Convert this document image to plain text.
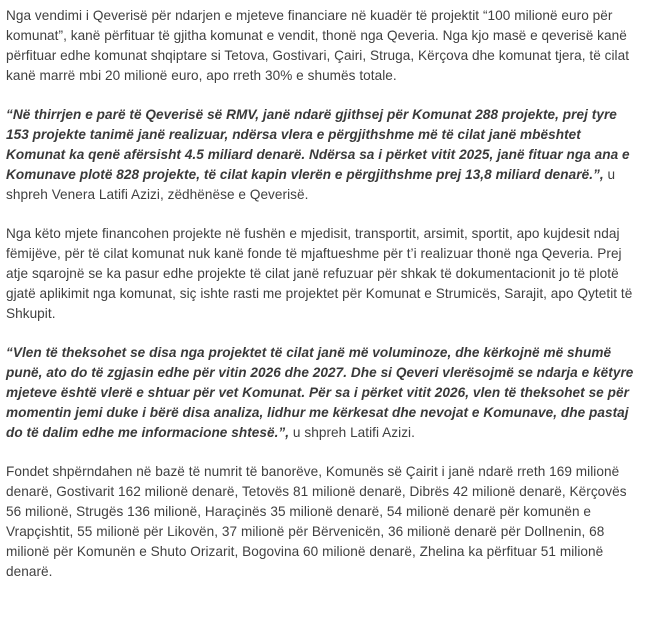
Nga vendimi i Qeverisë për ndarjen e mjeteve financiare në kuadër të projektit “100 milionë euro për komunat”, kanë përfituar të gjitha komunat e vendit, thonë nga Qeveria. Nga kjo masë e qeverisë kanë përfituar edhe komunat shqiptare si Tetova, Gostivari, Çairi, Struga, Kërçova dhe komunat tjera, të cilat kanë marrë mbi 20 milionë euro, apo rreth 30% e shumës totale.

“Në thirrjen e parë të Qeverisë së RMV, janë ndarë gjithsej për Komunat 288 projekte, prej tyre 153 projekte tanimë janë realizuar, ndërsa vlera e përgjithshme më të cilat janë mbështet Komunat ka qenë afërsisht 4.5 miliard denarë. Ndërsa sa i përket vitit 2025, janë fituar nga ana e Komunave plotë 828 projekte, të cilat kapin vlerën e përgjithshme prej 13,8 miliard denarë.”, u shpreh Venera Latifi Azizi, zëdhënëse e Qeverisë.

Nga këto mjete financohen projekte në fushën e mjedisit, transportit, arsimit, sportit, apo kujdesit ndaj fëmijëve, për të cilat komunat nuk kanë fonde të mjaftueshme për t’i realizuar thonë nga Qeveria. Prej atje sqarojnë se ka pasur edhe projekte të cilat janë refuzuar për shkak të dokumentacionit jo të plotë gjatë aplikimit nga komunat, siç ishte rasti me projektet për Komunat e Strumicës, Sarajit, apo Qytetit të Shkupit.

“Vlen të theksohet se disa nga projektet të cilat janë më voluminoze, dhe kërkojnë më shumë punë, ato do të zgjasin edhe për vitin 2026 dhe 2027. Dhe si Qeveri vlerësojmë se ndarja e këtyre mjeteve është vlerë e shtuar për vet Komunat. Për sa i përket vitit 2026, vlen të theksohet se për momentin jemi duke i bërë disa analiza, lidhur me kërkesat dhe nevojat e Komunave, dhe pastaj do të dalim edhe me informacione shtesë.”, u shpreh Latifi Azizi.

Fondet shpërndahen në bazë të numrit të banorëve, Komunës së Çairit i janë ndarë rreth 169 milionë denarë, Gostivarit 162 milionë denarë, Tetovës 81 milionë denarë, Dibrës 42 milionë denarë, Kërçovës 56 milionë, Strugës 136 milionë, Haraçinës 35 milionë denarë, 54 milionë denarë për komunën e Vrapçishtit, 55 milionë për Likovën, 37 milionë për Bërvenicën, 36 milionë denarë për Dollnenin, 68 milionë për Komunën e Shuto Orizarit, Bogovina 60 milionë denarë, Zhelina ka përfituar 51 milionë denarë.
